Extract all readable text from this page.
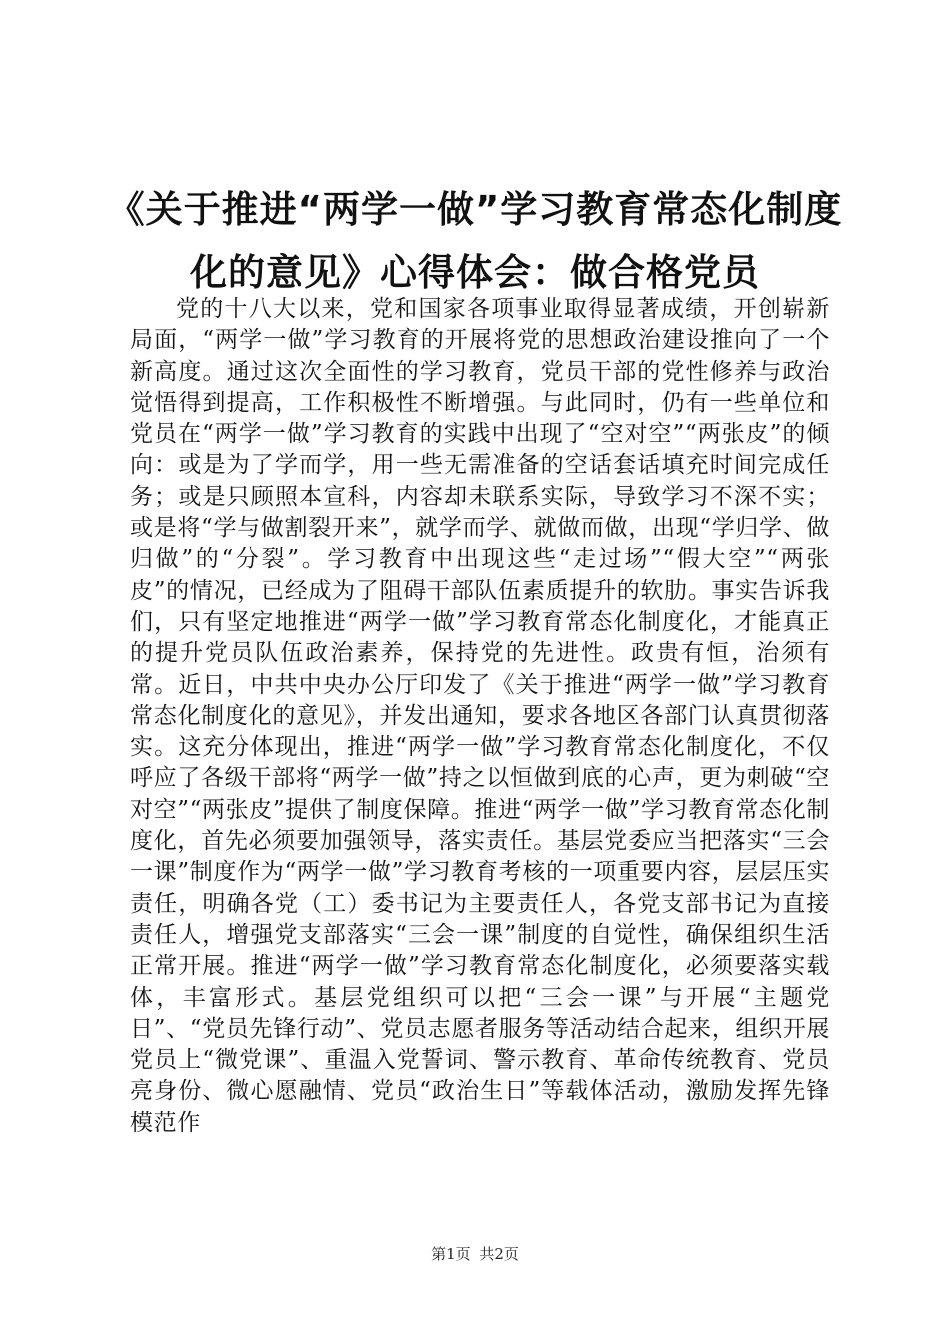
《关于推进“两学一做”学习教育常态化制度化的意见》心得体会：做合格党员
党的十八大以来，党和国家各项事业取得显著成绩，开创崭新局面，“两学一做”学习教育的开展将党的思想政治建设推向了一个新高度。通过这次全面性的学习教育，党员干部的党性修养与政治觉悟得到提高，工作积极性不断增强。与此同时，仍有一些单位和党员在“两学一做”学习教育的实践中出现了“空对空”“两张皮”的倾向：或是为了学而学，用一些无需准备的空话套话填充时间完成任务；或是只顾照本宣科，内容却未联系实际，导致学习不深不实；或是将“学与做割裂开来”，就学而学、就做而做，出现“学归学、做归做”的“分裂”。学习教育中出现这些“走过场”“假大空”“两张皮”的情况，已经成为了阻碍干部队伍素质提升的软肋。事实告诉我们，只有坚定地推进“两学一做”学习教育常态化制度化，才能真正的提升党员队伍政治素养，保持党的先进性。政贵有恒，治须有常。近日，中共中央办公厅印发了《关于推进“两学一做”学习教育常态化制度化的意见》，并发出通知，要求各地区各部门认真贯彻落实。这充分体现出，推进“两学一做”学习教育常态化制度化，不仅呼应了各级干部将“两学一做”持之以恒做到底的心声，更为刺破“空对空”“两张皮”提供了制度保障。推进“两学一做”学习教育常态化制度化，首先必须要加强领导，落实责任。基层党委应当把落实“三会一课”制度作为“两学一做”学习教育考核的一项重要内容，层层压实责任，明确各党（工）委书记为主要责任人，各党支部书记为直接责任人，增强党支部落实“三会一课”制度的自觉性，确保组织生活正常开展。推进“两学一做”学习教育常态化制度化，必须要落实载体，丰富形式。基层党组织可以把“三会一课”与开展“主题党日”、“党员先锋行动”、党员志愿者服务等活动结合起来，组织开展党员上“微党课”、重温入党誓词、警示教育、革命传统教育、党员亮身份、微心愿融情、党员“政治生日”等载体活动，激励发挥先锋模范作
第1页 共2页
